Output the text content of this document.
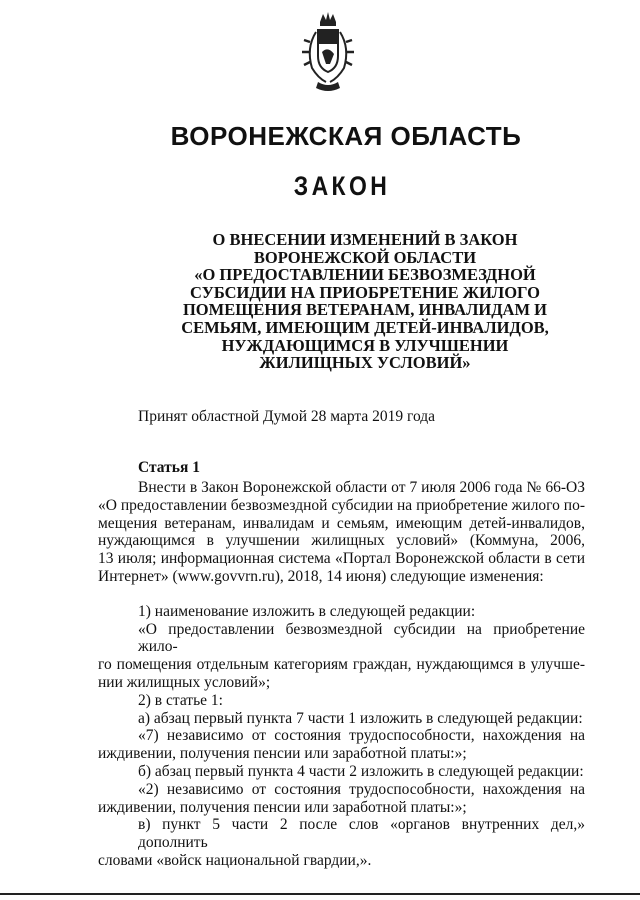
ВОРОНЕЖСКАЯ ОБЛАСТЬ
ЗАКОН
О ВНЕСЕНИИ ИЗМЕНЕНИЙ В ЗАКОН
ВОРОНЕЖСКОЙ ОБЛАСТИ
«О ПРЕДОСТАВЛЕНИИ БЕЗВОЗМЕЗДНОЙ
СУБСИДИИ НА ПРИОБРЕТЕНИЕ ЖИЛОГО
ПОМЕЩЕНИЯ ВЕТЕРАНАМ, ИНВАЛИДАМ И
СЕМЬЯМ, ИМЕЮЩИМ ДЕТЕЙ-ИНВАЛИДОВ,
НУЖДАЮЩИМСЯ В УЛУЧШЕНИИ
ЖИЛИЩНЫХ УСЛОВИЙ»
Принят областной Думой 28 марта 2019 года
Статья 1
Внести в Закон Воронежской области от 7 июля 2006 года № 66-ОЗ
«О предоставлении безвозмездной субсидии на приобретение жилого по-
мещения ветеранам, инвалидам и семьям, имеющим детей-инвалидов,
нуждающимся в улучшении жилищных условий» (Коммуна, 2006,
13 июля; информационная система «Портал Воронежской области в сети
Интернет» (www.govvrn.ru), 2018, 14 июня) следующие изменения:
1) наименование изложить в следующей редакции:
«О предоставлении безвозмездной субсидии на приобретение жило-
го помещения отдельным категориям граждан, нуждающимся в улучше-
нии жилищных условий»;
2) в статье 1:
а) абзац первый пункта 7 части 1 изложить в следующей редакции:
«7) независимо от состояния трудоспособности, нахождения на
иждивении, получения пенсии или заработной платы:»;
б) абзац первый пункта 4 части 2 изложить в следующей редакции:
«2) независимо от состояния трудоспособности, нахождения на
иждивении, получения пенсии или заработной платы:»;
в) пункт 5 части 2 после слов «органов внутренних дел,» дополнить
словами «войск национальной гвардии,».
